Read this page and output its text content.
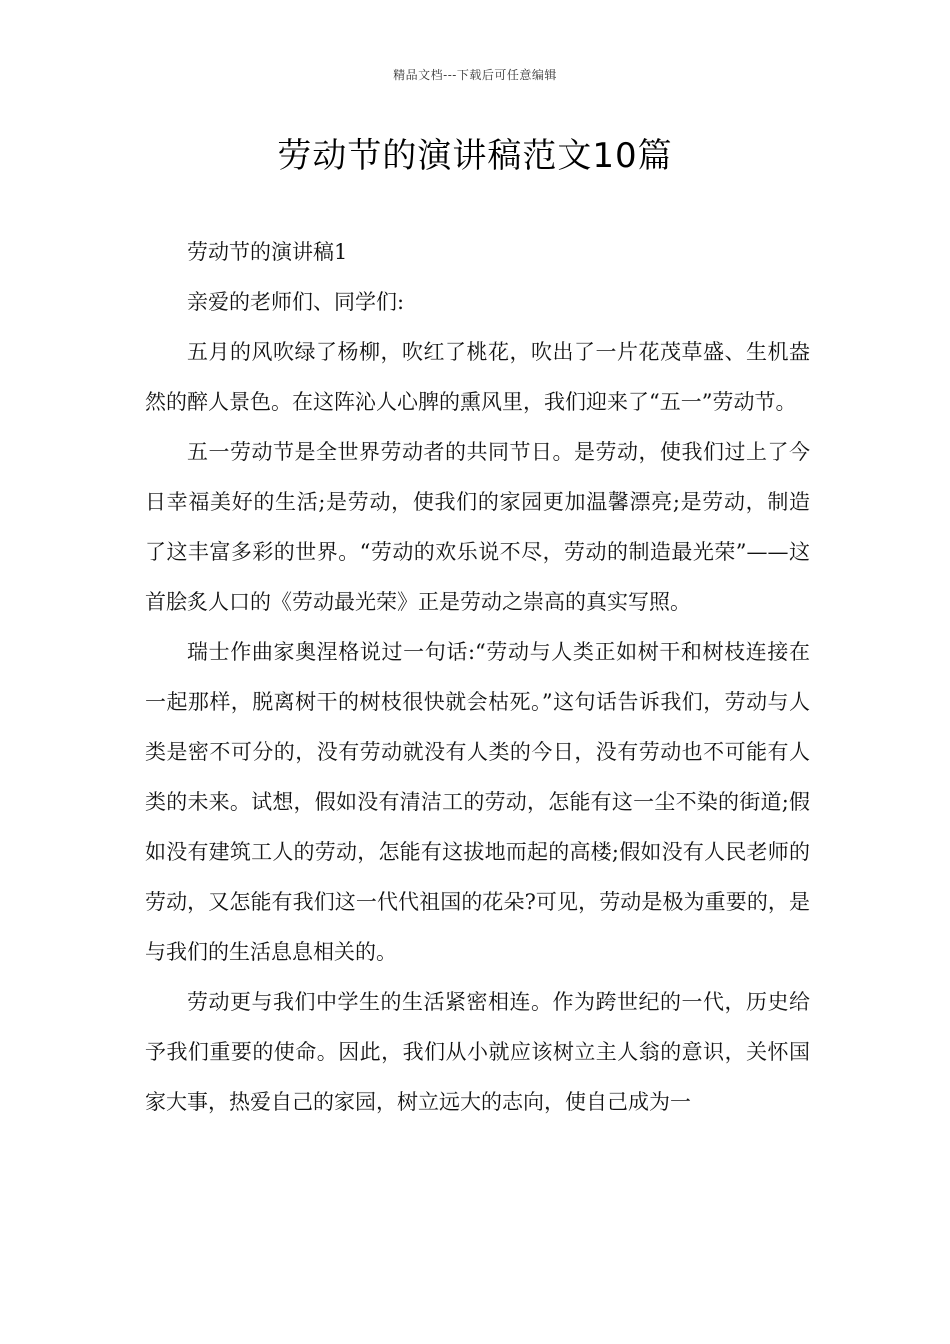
精品文档---下载后可任意编辑
劳动节的演讲稿范文10篇

劳动节的演讲稿1

亲爱的老师们、同学们:

五月的风吹绿了杨柳，吹红了桃花，吹出了一片花茂草盛、生机盎然的醉人景色。在这阵沁人心脾的熏风里，我们迎来了“五一”劳动节。

五一劳动节是全世界劳动者的共同节日。是劳动，使我们过上了今日幸福美好的生活;是劳动，使我们的家园更加温馨漂亮;是劳动，制造了这丰富多彩的世界。“劳动的欢乐说不尽，劳动的制造最光荣”——这首脍炙人口的《劳动最光荣》正是劳动之崇高的真实写照。

瑞士作曲家奥涅格说过一句话:“劳动与人类正如树干和树枝连接在一起那样，脱离树干的树枝很快就会枯死。”这句话告诉我们，劳动与人类是密不可分的，没有劳动就没有人类的今日，没有劳动也不可能有人类的未来。试想，假如没有清洁工的劳动，怎能有这一尘不染的街道;假如没有建筑工人的劳动，怎能有这拔地而起的高楼;假如没有人民老师的劳动，又怎能有我们这一代代祖国的花朵?可见，劳动是极为重要的，是与我们的生活息息相关的。

劳动更与我们中学生的生活紧密相连。作为跨世纪的一代，历史给予我们重要的使命。因此，我们从小就应该树立主人翁的意识，关怀国家大事，热爱自己的家园，树立远大的志向，使自己成为一
